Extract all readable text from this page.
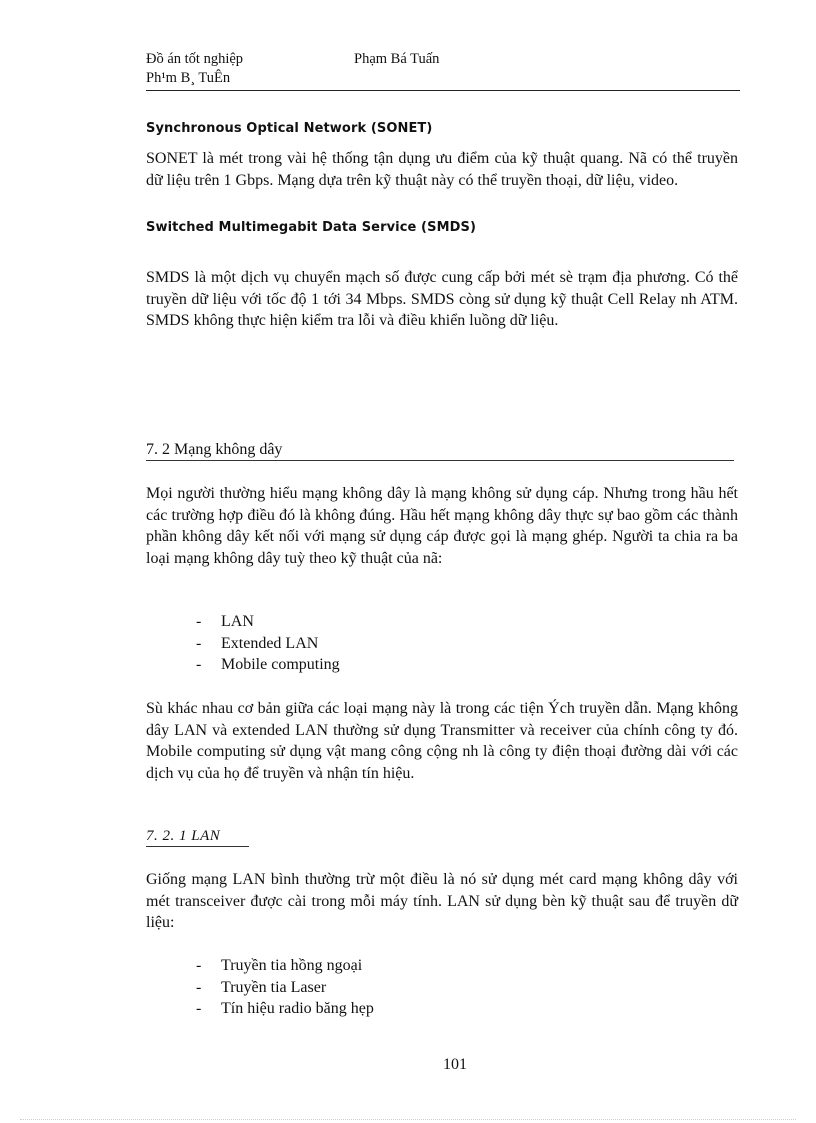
Đồ án tốt nghiệp	Phạm Bá Tuấn
Ph¹m B¸ TuÊn
Synchronous Optical Network (SONET)

SONET là mét trong vài hệ thống tận dụng ưu điểm của kỹ thuật quang. Nã có thể truyền dữ liệu trên 1 Gbps. Mạng dựa trên kỹ thuật này có thể truyền thoại, dữ liệu, video.

Switched Multimegabit Data Service (SMDS)

SMDS là một dịch vụ chuyển mạch số được cung cấp bởi mét sè trạm địa phương. Có thể truyền dữ liệu với tốc độ 1 tới 34 Mbps. SMDS còng sử dụng kỹ thuật Cell Relay nh ATM. SMDS không thực hiện kiểm tra lỗi và điều khiển luồng dữ liệu.

7. 2 Mạng không dây

Mọi người thường hiểu mạng không dây là mạng không sử dụng cáp. Nhưng trong hầu hết các trường hợp điều đó là không đúng. Hầu hết mạng không dây thực sự bao gồm các thành phần không dây kết nối với mạng sử dụng cáp được gọi là mạng ghép. Người ta chia ra ba loại mạng không dây tuỳ theo kỹ thuật của nã:

-	LAN
-	Extended LAN
-	Mobile computing

Sù khác nhau cơ bản giữa các loại mạng này là trong các tiện Ých truyền dẫn. Mạng không dây LAN và extended LAN thường sử dụng Transmitter và receiver của chính công ty đó. Mobile computing sử dụng vật mang công cộng nh là công ty điện thoại đường dài với các dịch vụ của họ để truyền và nhận tín hiệu.

7. 2. 1 LAN

Giống mạng LAN bình thường trừ một điều là nó sử dụng mét card mạng không dây với mét transceiver được cài trong mỗi máy tính. LAN sử dụng bèn kỹ thuật sau để truyền dữ liệu:

-	Truyền tia hồng ngoại
-	Truyền tia Laser
-	Tín hiệu radio băng hẹp
101
